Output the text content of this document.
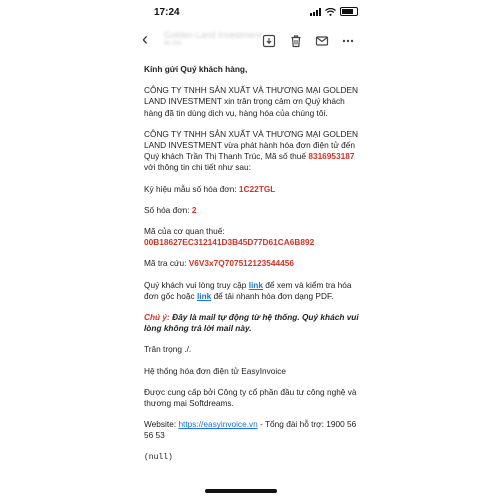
17:24
‹ Golden Land Investment
to me

Kính gửi Quý khách hàng,

CÔNG TY TNHH SẢN XUẤT VÀ THƯƠNG MẠI GOLDEN LAND INVESTMENT xin trân trọng cảm ơn Quý khách hàng đã tin dùng dịch vụ, hàng hóa của chúng tôi.

CÔNG TY TNHH SẢN XUẤT VÀ THƯƠNG MẠI GOLDEN LAND INVESTMENT vừa phát hành hóa đơn điện tử đến Quý khách Trần Thị Thanh Trúc, Mã số thuế 8316953187 với thông tin chi tiết như sau:

Ký hiệu mẫu số hóa đơn: 1C22TGL

Số hóa đơn: 2

Mã của cơ quan thuế:
00B18627EC312141D3B45D77D61CA6B892

Mã tra cứu: V6V3x7Q707512123544456

Quý khách vui lòng truy cập link để xem và kiểm tra hóa đơn gốc hoặc link để tải nhanh hóa đơn dạng PDF.

Chú ý: Đây là mail tự động từ hệ thống. Quý khách vui lòng không trả lời mail này.

Trân trọng ./.

Hệ thống hóa đơn điện tử EasyInvoice

Được cung cấp bởi Công ty cổ phần đầu tư công nghệ và thương mại Softdreams.

Website: https://easyinvoice.vn - Tổng đài hỗ trợ: 1900 56 56 53

(null)
